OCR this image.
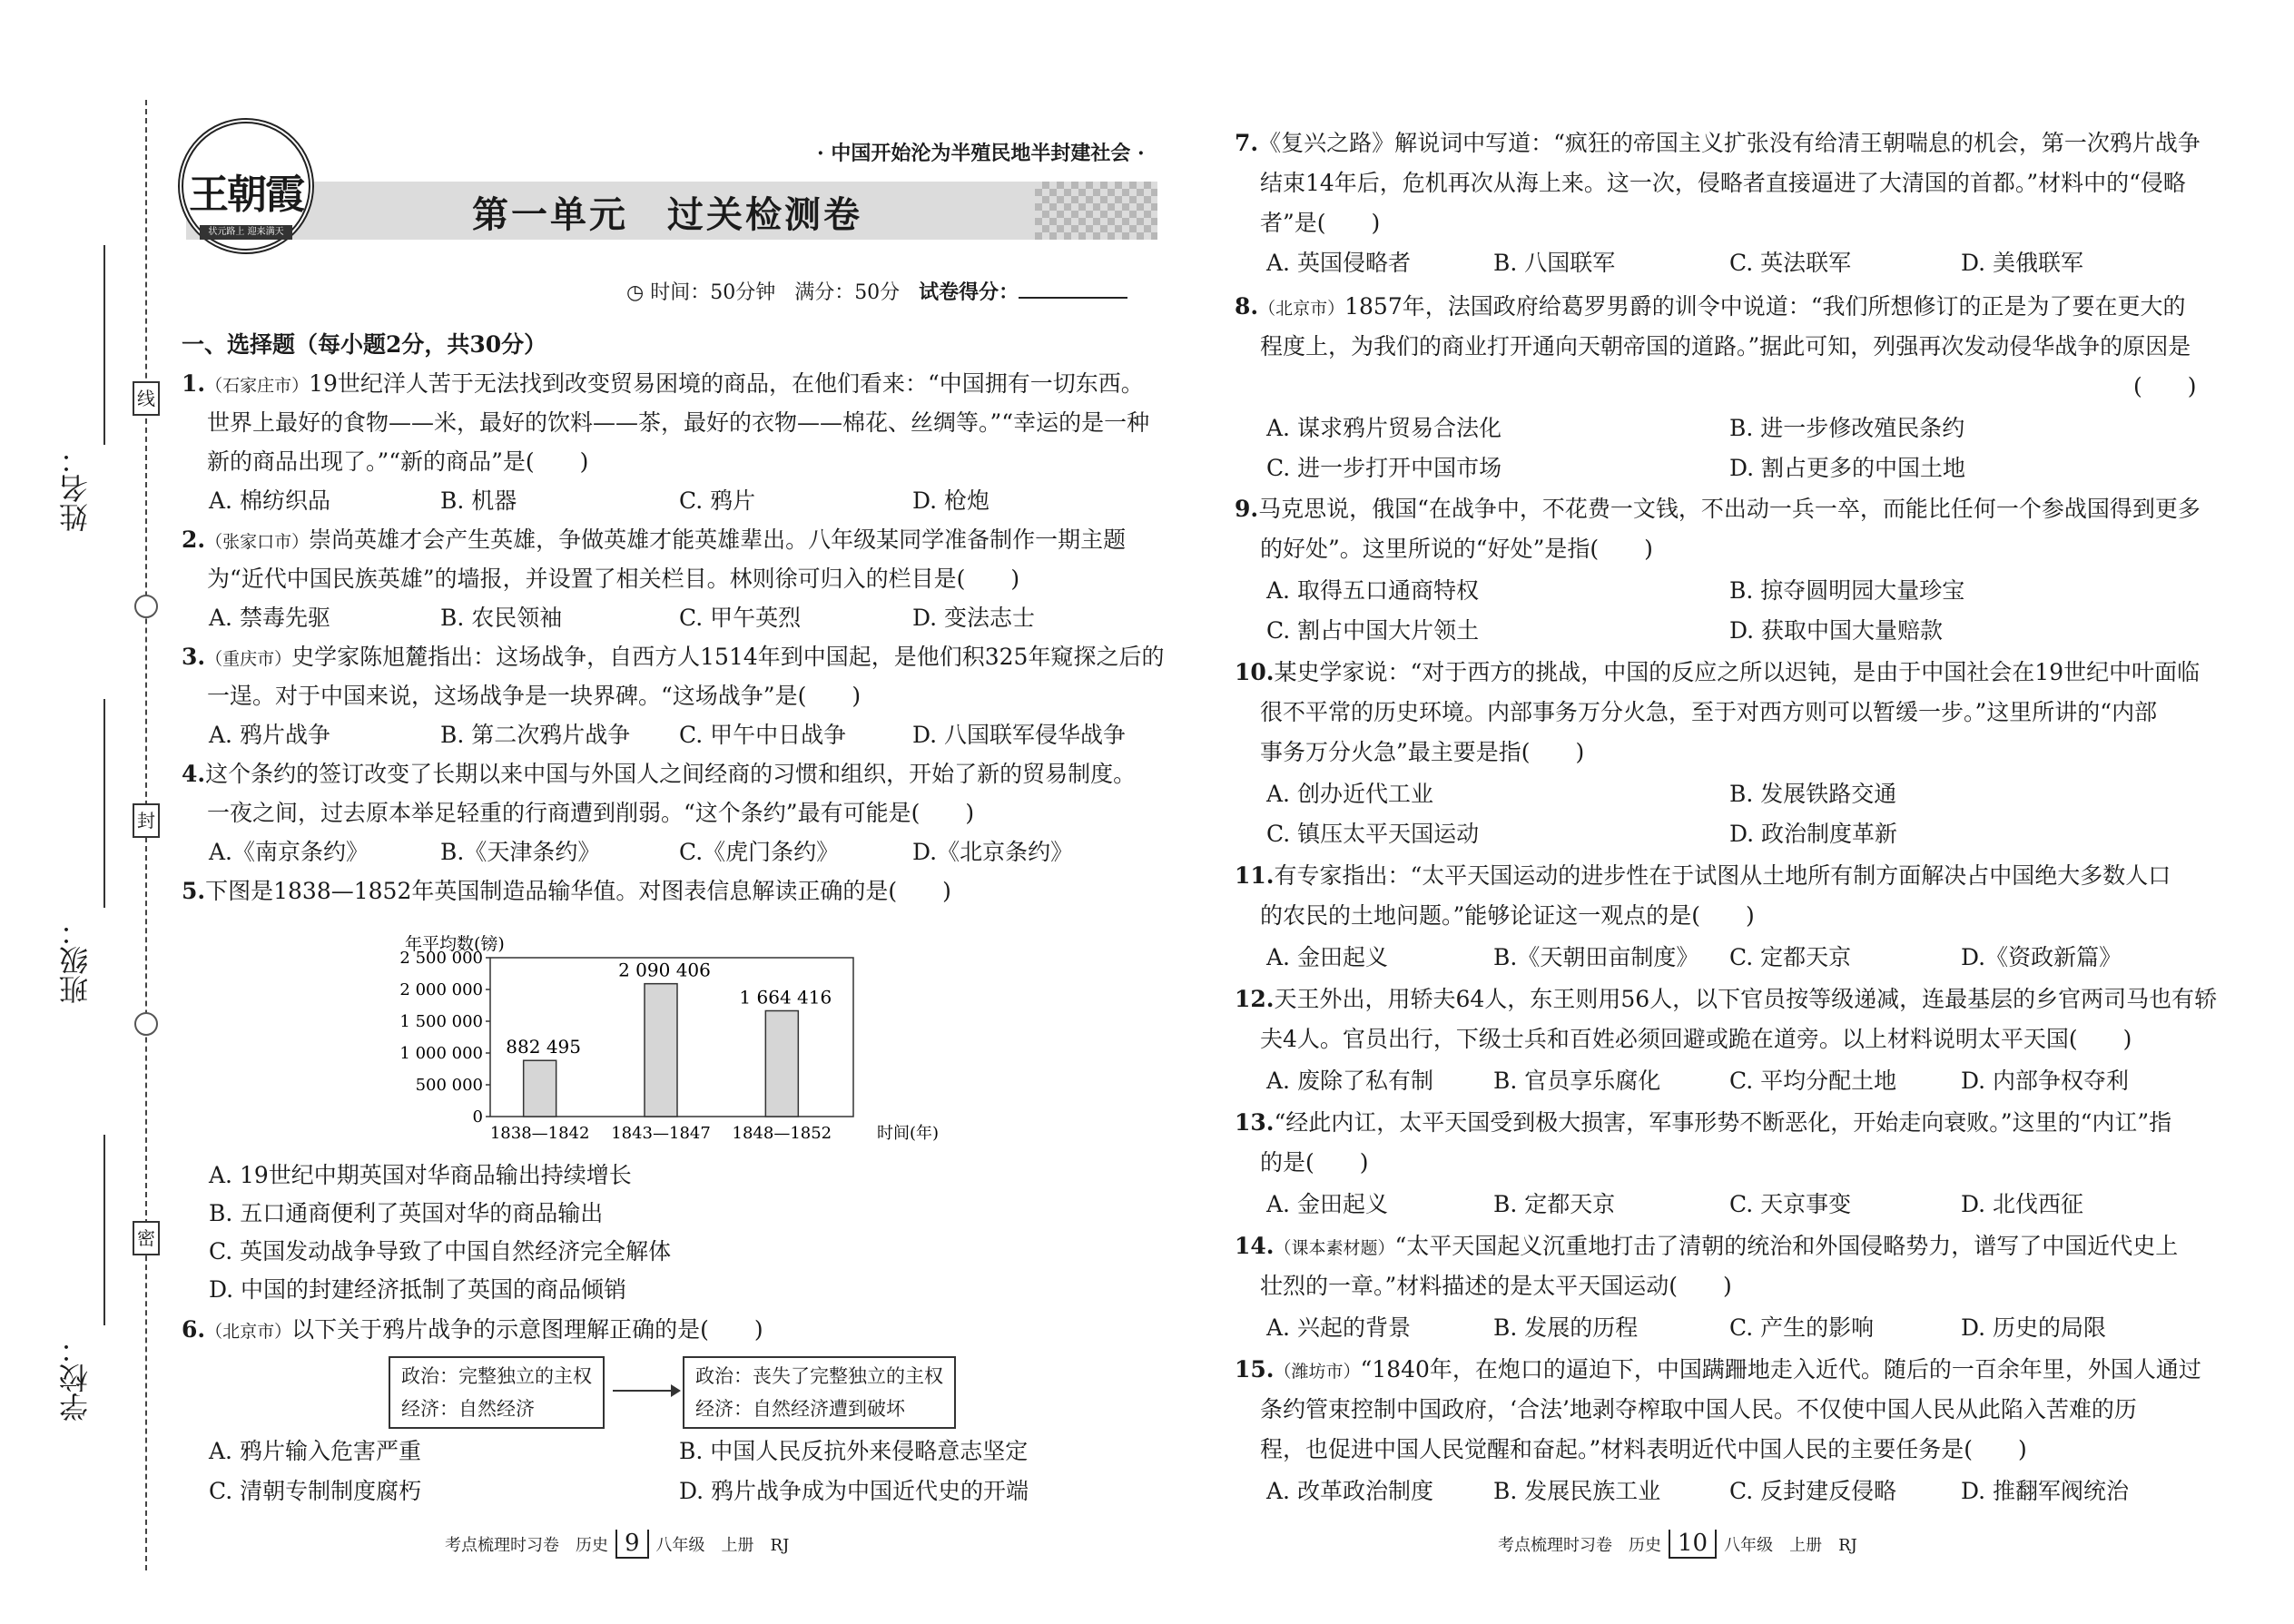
姓名：
班级：
学校：
线
封
密
王朝霞
状元路上 迎来满天
· 中国开始沦为半殖民地半封建社会 ·
第一单元　过关检测卷
◷ 时间：50分钟 满分：50分 试卷得分：
一、选择题（每小题2分，共30分）
1.（石家庄市）19世纪洋人苦于无法找到改变贸易困境的商品，在他们看来：“中国拥有一切东西。
世界上最好的食物——米，最好的饮料——茶，最好的衣物——棉花、丝绸等。”“幸运的是一种
新的商品出现了。”“新的商品”是(　　)
A. 棉纺织品	B. 机器	C. 鸦片	D. 枪炮
2.（张家口市）崇尚英雄才会产生英雄，争做英雄才能英雄辈出。八年级某同学准备制作一期主题
为“近代中国民族英雄”的墙报，并设置了相关栏目。林则徐可归入的栏目是(　　)
A. 禁毒先驱	B. 农民领袖	C. 甲午英烈	D. 变法志士
3.（重庆市）史学家陈旭麓指出：这场战争，自西方人1514年到中国起，是他们积325年窥探之后的
一逞。对于中国来说，这场战争是一块界碑。“这场战争”是(　　)
A. 鸦片战争	B. 第二次鸦片战争 C. 甲午中日战争	D. 八国联军侵华战争
4.这个条约的签订改变了长期以来中国与外国人之间经商的习惯和组织，开始了新的贸易制度。
一夜之间，过去原本举足轻重的行商遭到削弱。“这个条约”最有可能是(　　)
A.《南京条约》	B.《天津条约》	C.《虎门条约》	D.《北京条约》
5.下图是1838—1852年英国制造品输华值。对图表信息解读正确的是(　　)
年平均数(镑)
0
500 000
1 000 000
1 500 000
2 000 000
2 500 000
882 495
1838—1842
2 090 406
1843—1847
1 664 416
1848—1852	时间(年)
A. 19世纪中期英国对华商品输出持续增长
B. 五口通商便利了英国对华的商品输出
C. 英国发动战争导致了中国自然经济完全解体
D. 中国的封建经济抵制了英国的商品倾销
6.（北京市）以下关于鸦片战争的示意图理解正确的是(　　)
政治：完整独立的主权
经济：自然经济
政治：丧失了完整独立的主权
经济：自然经济遭到破坏
A. 鸦片输入危害严重	B. 中国人民反抗外来侵略意志坚定
C. 清朝专制制度腐朽	D. 鸦片战争成为中国近代史的开端
考点梳理时习卷　历史 9 八年级　上册　RJ
7.《复兴之路》解说词中写道：“疯狂的帝国主义扩张没有给清王朝喘息的机会，第一次鸦片战争
结束14年后，危机再次从海上来。这一次，侵略者直接逼进了大清国的首都。”材料中的“侵略
者”是(　　)
A. 英国侵略者	B. 八国联军	C. 英法联军	D. 美俄联军
8.（北京市）1857年，法国政府给葛罗男爵的训令中说道：“我们所想修订的正是为了要在更大的
程度上，为我们的商业打开通向天朝帝国的道路。”据此可知，列强再次发动侵华战争的原因是
(　　)
A. 谋求鸦片贸易合法化	B. 进一步修改殖民条约
C. 进一步打开中国市场	D. 割占更多的中国土地
9.马克思说，俄国“在战争中，不花费一文钱，不出动一兵一卒，而能比任何一个参战国得到更多
的好处”。这里所说的“好处”是指(　　)
A. 取得五口通商特权	B. 掠夺圆明园大量珍宝
C. 割占中国大片领土	D. 获取中国大量赔款
10.某史学家说：“对于西方的挑战，中国的反应之所以迟钝，是由于中国社会在19世纪中叶面临
很不平常的历史环境。内部事务万分火急，至于对西方则可以暂缓一步。”这里所讲的“内部
事务万分火急”最主要是指(　　)
A. 创办近代工业	B. 发展铁路交通
C. 镇压太平天国运动	D. 政治制度革新
11.有专家指出：“太平天国运动的进步性在于试图从土地所有制方面解决占中国绝大多数人口
的农民的土地问题。”能够论证这一观点的是(　　)
A. 金田起义	B.《天朝田亩制度》 C. 定都天京	D.《资政新篇》
12.天王外出，用轿夫64人，东王则用56人，以下官员按等级递减，连最基层的乡官两司马也有轿
夫4人。官员出行，下级士兵和百姓必须回避或跪在道旁。以上材料说明太平天国(　　)
A. 废除了私有制	B. 官员享乐腐化	C. 平均分配土地	D. 内部争权夺利
13.“经此内讧，太平天国受到极大损害，军事形势不断恶化，开始走向衰败。”这里的“内讧”指
的是(　　)
A. 金田起义	B. 定都天京	C. 天京事变	D. 北伐西征
14.（课本素材题）“太平天国起义沉重地打击了清朝的统治和外国侵略势力，谱写了中国近代史上
壮烈的一章。”材料描述的是太平天国运动(　　)
A. 兴起的背景	B. 发展的历程	C. 产生的影响	D. 历史的局限
15.（潍坊市）“1840年，在炮口的逼迫下，中国蹒跚地走入近代。随后的一百余年里，外国人通过
条约管束控制中国政府，‘合法’地剥夺榨取中国人民。不仅使中国人民从此陷入苦难的历
程，也促进中国人民觉醒和奋起。”材料表明近代中国人民的主要任务是(　　)
A. 改革政治制度	B. 发展民族工业	C. 反封建反侵略	D. 推翻军阀统治
考点梳理时习卷　历史 10 八年级　上册　RJ
